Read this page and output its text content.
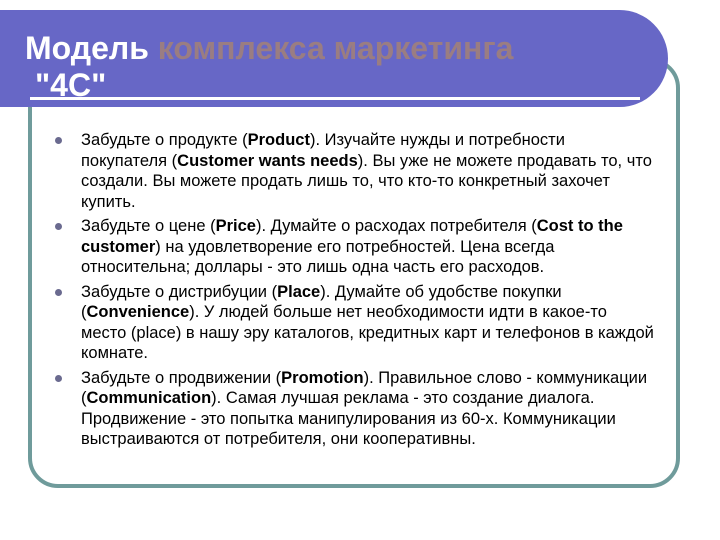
Модель комплекса маркетинга
"4C"
Забудьте о продукте (Product). Изучайте нужды и потребности покупателя (Customer wants needs). Вы уже не можете продавать то, что создали. Вы можете продать лишь то, что кто-то конкретный захочет купить.
Забудьте о цене (Price). Думайте о расходах потребителя (Cost to the customer) на удовлетворение его потребностей. Цена всегда относительна; доллары - это лишь одна часть его расходов.
Забудьте о дистрибуции (Place). Думайте об удобстве покупки (Convenience). У людей больше нет необходимости идти в какое-то место (place) в нашу эру каталогов, кредитных карт и телефонов в каждой комнате.
Забудьте о продвижении (Promotion). Правильное слово - коммуникации (Communication). Самая лучшая реклама - это создание диалога. Продвижение - это попытка манипулирования из 60-х. Коммуникации выстраиваются от потребителя, они кооперативны.
